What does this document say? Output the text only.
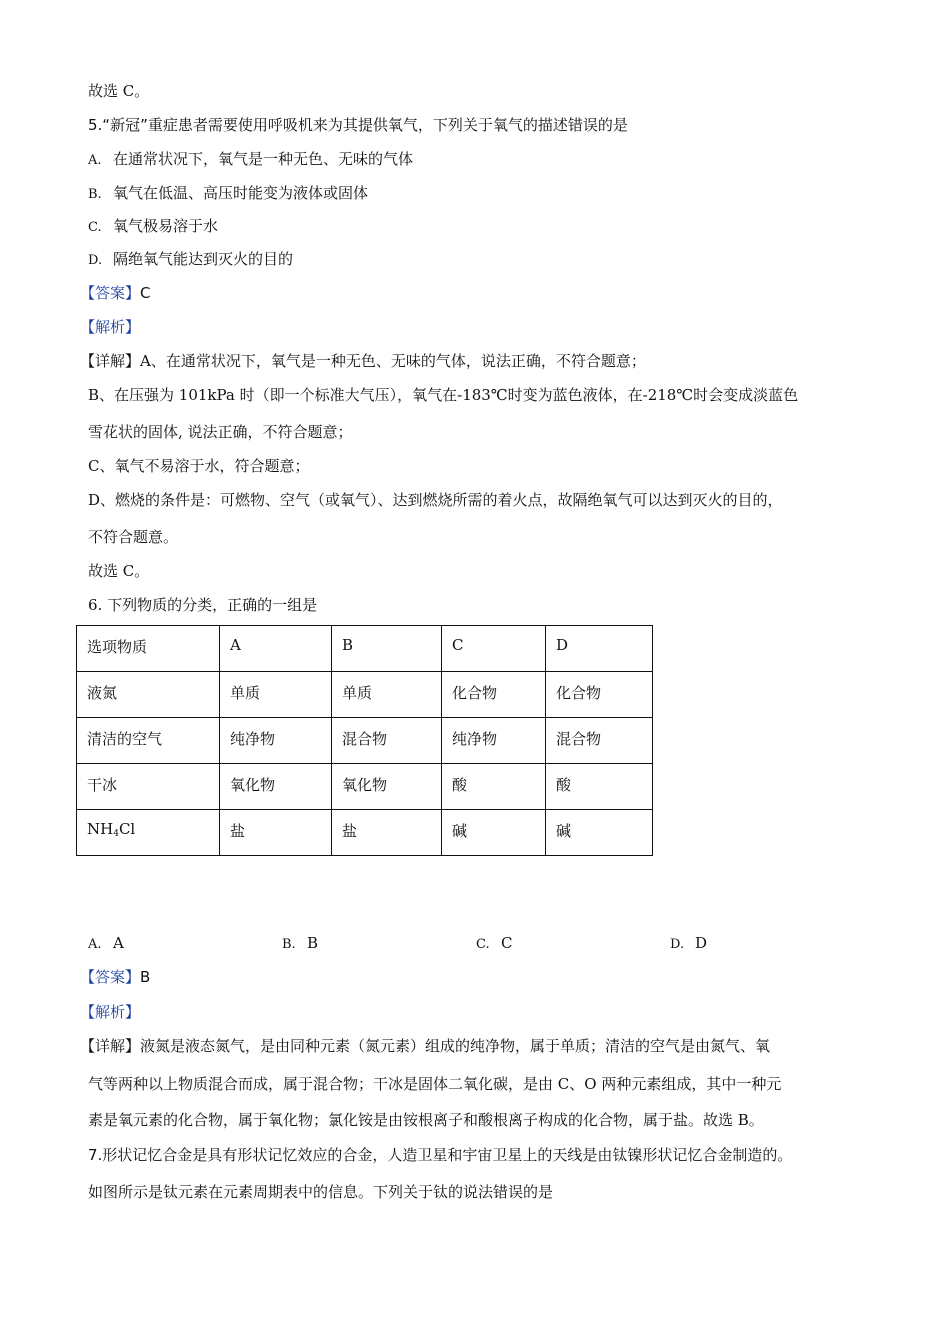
故选 C。
5.“新冠”重症患者需要使用呼吸机来为其提供氧气，下列关于氧气的描述错误的是
A. 在通常状况下，氧气是一种无色、无味的气体
B. 氧气在低温、高压时能变为液体或固体
C. 氧气极易溶于水
D. 隔绝氧气能达到灭火的目的
【答案】C
【解析】
【详解】A、在通常状况下，氧气是一种无色、无味的气体，说法正确，不符合题意；
B、在压强为 101kPa 时（即一个标准大气压），氧气在-183℃时变为蓝色液体，在-218℃时会变成淡蓝色
雪花状的固体, 说法正确，不符合题意；
C、氧气不易溶于水，符合题意；
D、燃烧的条件是：可燃物、空气（或氧气）、达到燃烧所需的着火点，故隔绝氧气可以达到灭火的目的，
不符合题意。
故选 C。
6. 下列物质的分类，正确的一组是
选项物质	A	B	C	D
液氮	单质	单质	化合物	化合物
清洁的空气	纯净物	混合物	纯净物	混合物
干冰	氧化物	氧化物	酸	酸
$NH_4Cl$	盐	盐	碱	碱
A. A	B. B	C. C	D. D
【答案】B
【解析】
【详解】液氮是液态氮气，是由同种元素（氮元素）组成的纯净物，属于单质；清洁的空气是由氮气、氧
气等两种以上物质混合而成，属于混合物；干冰是固体二氧化碳，是由 C、O 两种元素组成，其中一种元
素是氧元素的化合物，属于氧化物；氯化铵是由铵根离子和酸根离子构成的化合物，属于盐。故选 B。
7.形状记忆合金是具有形状记忆效应的合金，人造卫星和宇宙卫星上的天线是由钛镍形状记忆合金制造的。
如图所示是钛元素在元素周期表中的信息。下列关于钛的说法错误的是
